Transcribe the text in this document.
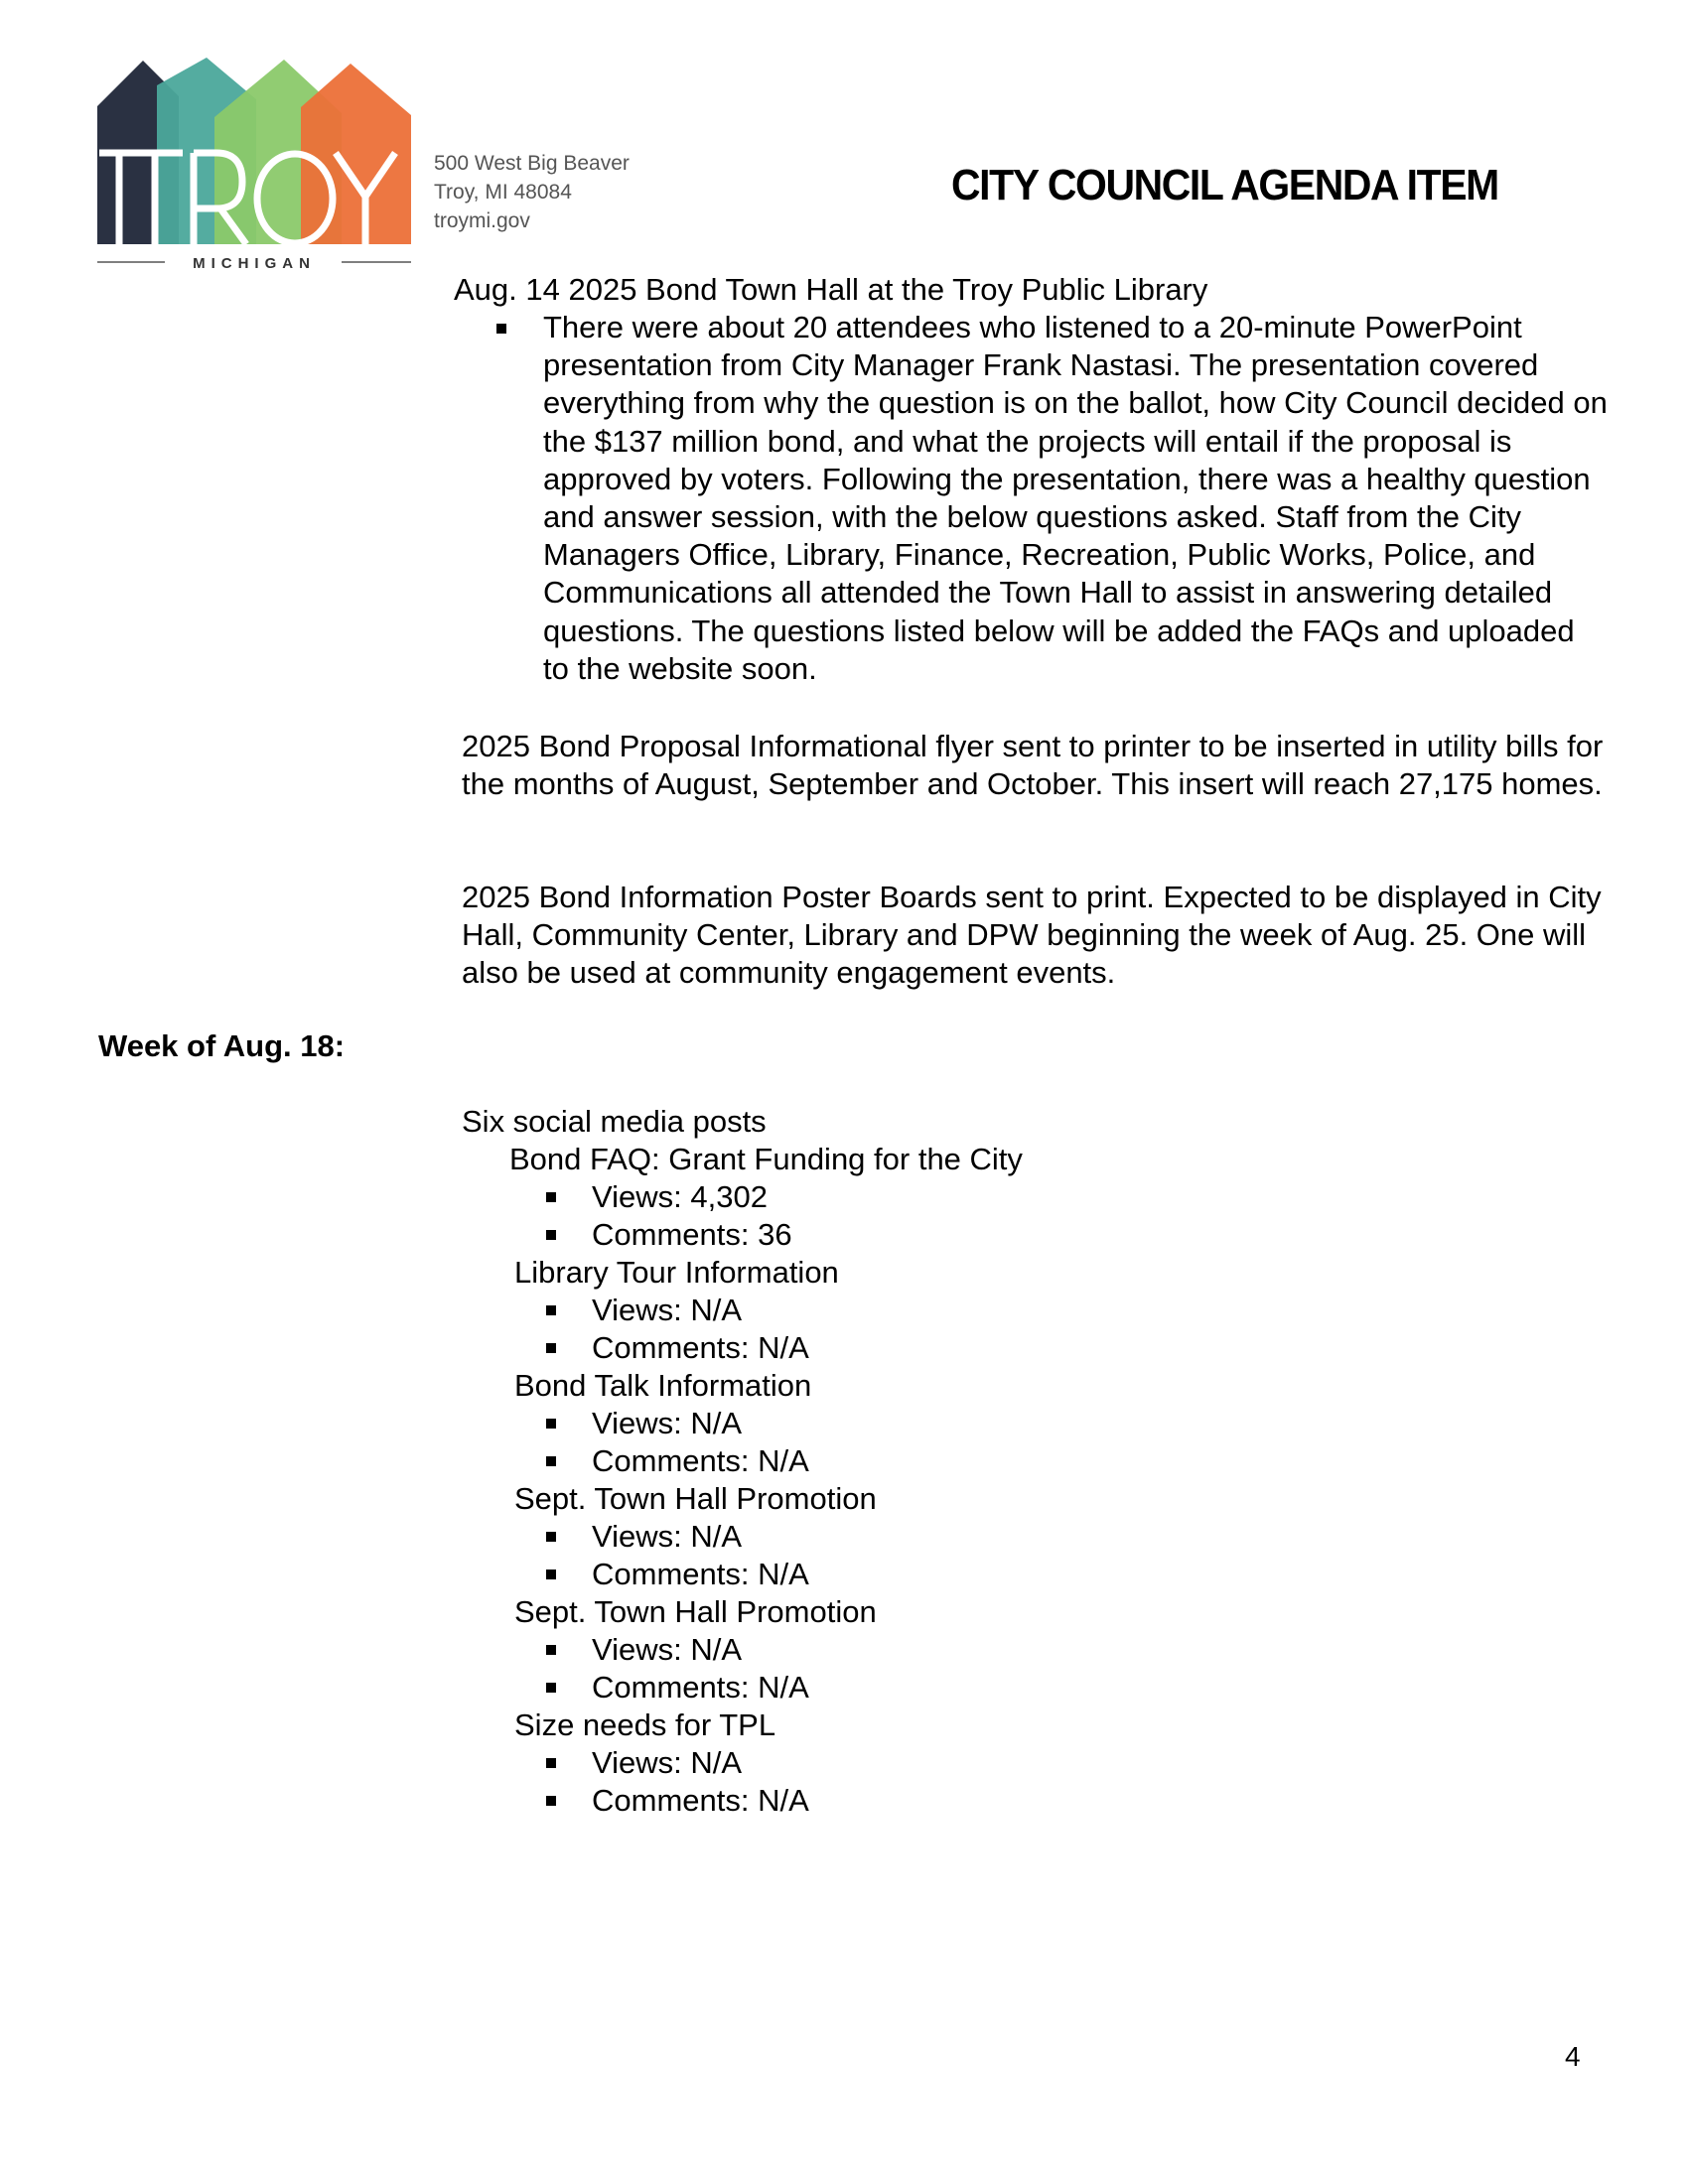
MICHIGAN
500 West Big Beaver
Troy, MI 48084
troymi.gov
CITY COUNCIL AGENDA ITEM
Aug. 14 2025 Bond Town Hall at the Troy Public Library

There were about 20 attendees who listened to a 20-minute PowerPoint presentation from City Manager Frank Nastasi. The presentation covered everything from why the question is on the ballot, how City Council decided on the $137 million bond, and what the projects will entail if the proposal is approved by voters. Following the presentation, there was a healthy question and answer session, with the below questions asked. Staff from the City Managers Office, Library, Finance, Recreation, Public Works, Police, and Communications all attended the Town Hall to assist in answering detailed questions. The questions listed below will be added the FAQs and uploaded to the website soon.

2025 Bond Proposal Informational flyer sent to printer to be inserted in utility bills for the months of August, September and October. This insert will reach 27,175 homes.

2025 Bond Information Poster Boards sent to print. Expected to be displayed in City Hall, Community Center, Library and DPW beginning the week of Aug. 25. One will also be used at community engagement events.

Week of Aug. 18:
Six social media posts
Bond FAQ: Grant Funding for the City
Views: 4,302
Comments: 36
Library Tour Information
Views: N/A
Comments: N/A
Bond Talk Information
Views: N/A
Comments: N/A
Sept. Town Hall Promotion
Views: N/A
Comments: N/A
Sept. Town Hall Promotion
Views: N/A
Comments: N/A
Size needs for TPL
Views: N/A
Comments: N/A
4
